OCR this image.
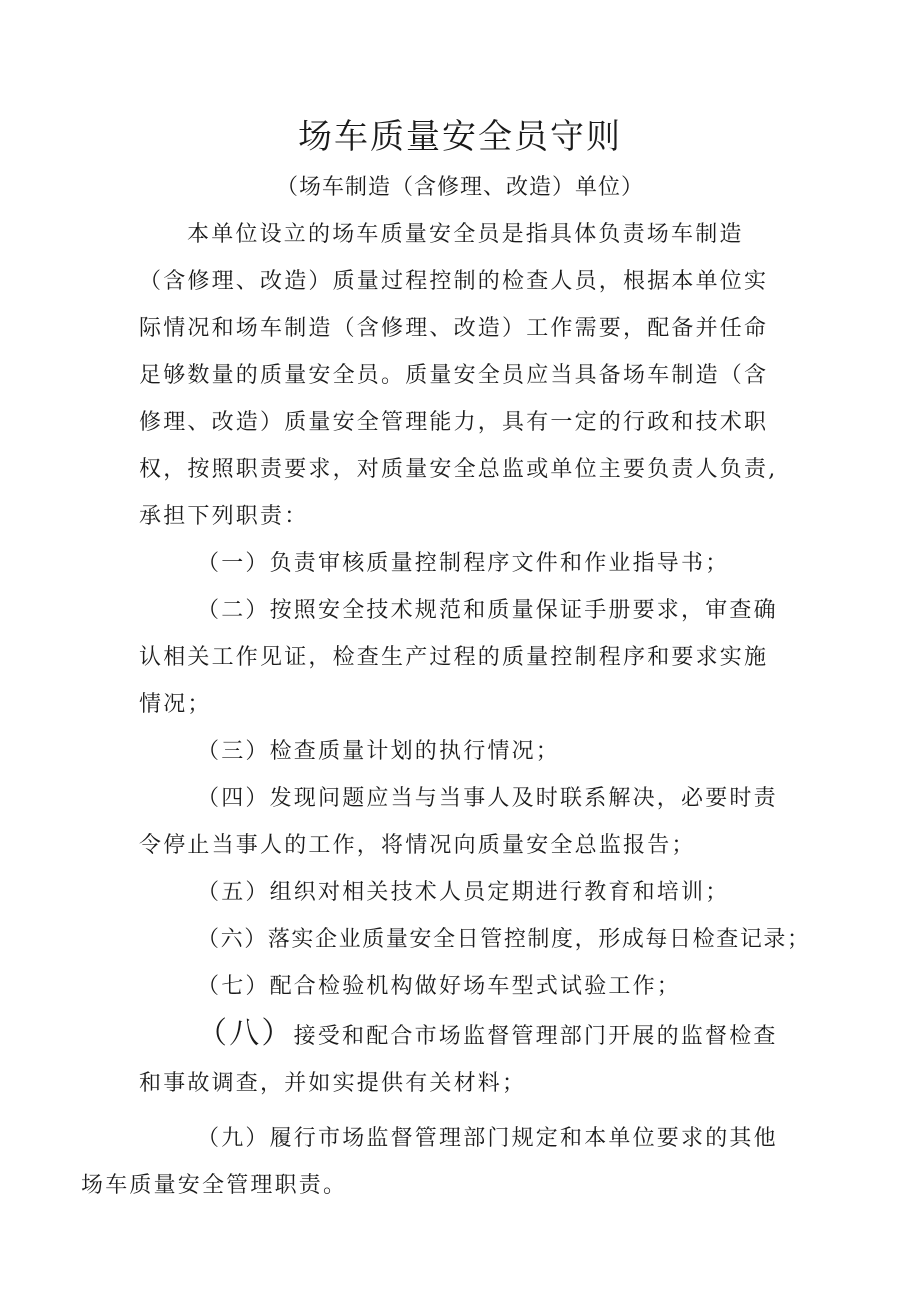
场车质量安全员守则
（场车制造（含修理、改造）单位）

本单位设立的场车质量安全员是指具体负责场车制造（含修理、改造）质量过程控制的检查人员，根据本单位实际情况和场车制造（含修理、改造）工作需要，配备并任命足够数量的质量安全员。质量安全员应当具备场车制造（含修理、改造）质量安全管理能力，具有一定的行政和技术职权，按照职责要求，对质量安全总监或单位主要负责人负责,承担下列职责：

（一）负责审核质量控制程序文件和作业指导书；

（二）按照安全技术规范和质量保证手册要求，审查确认相关工作见证，检查生产过程的质量控制程序和要求实施情况；

（三）检查质量计划的执行情况；

（四）发现问题应当与当事人及时联系解决，必要时责令停止当事人的工作，将情况向质量安全总监报告；

（五）组织对相关技术人员定期进行教育和培训；

（六）落实企业质量安全日管控制度，形成每日检查记录；

（七）配合检验机构做好场车型式试验工作；

（八）接受和配合市场监督管理部门开展的监督检查和事故调查，并如实提供有关材料；

（九）履行市场监督管理部门规定和本单位要求的其他
场车质量安全管理职责。
